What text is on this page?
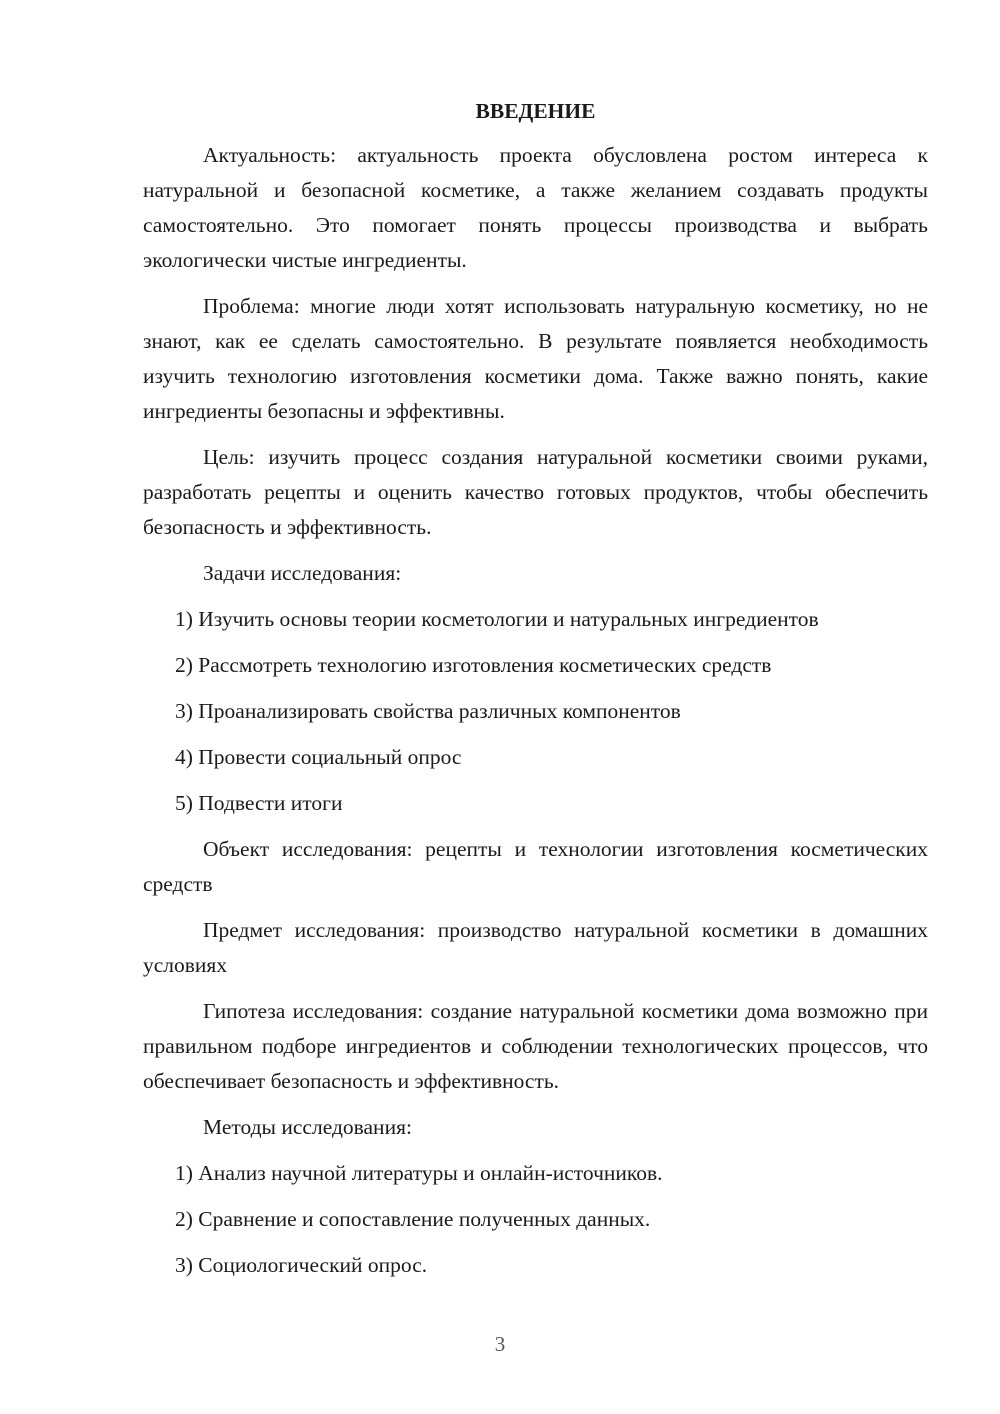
ВВЕДЕНИЕ

Актуальность: актуальность проекта обусловлена ростом интереса к натуральной и безопасной косметике, а также желанием создавать продукты самостоятельно. Это помогает понять процессы производства и выбрать экологически чистые ингредиенты.

Проблема: многие люди хотят использовать натуральную косметику, но не знают, как ее сделать самостоятельно. В результате появляется необходимость изучить технологию изготовления косметики дома. Также важно понять, какие ингредиенты безопасны и эффективны.

Цель: изучить процесс создания натуральной косметики своими руками, разработать рецепты и оценить качество готовых продуктов, чтобы обеспечить безопасность и эффективность.

Задачи исследования:
1) Изучить основы теории косметологии и натуральных ингредиентов
2) Рассмотреть технологию изготовления косметических средств
3) Проанализировать свойства различных компонентов
4) Провести социальный опрос
5) Подвести итоги

Объект исследования: рецепты и технологии изготовления косметических средств

Предмет исследования: производство натуральной косметики в домашних условиях

Гипотеза исследования: создание натуральной косметики дома возможно при правильном подборе ингредиентов и соблюдении технологических процессов, что обеспечивает безопасность и эффективность.

Методы исследования:
1) Анализ научной литературы и онлайн-источников.
2) Сравнение и сопоставление полученных данных.
3) Социологический опрос.
3
